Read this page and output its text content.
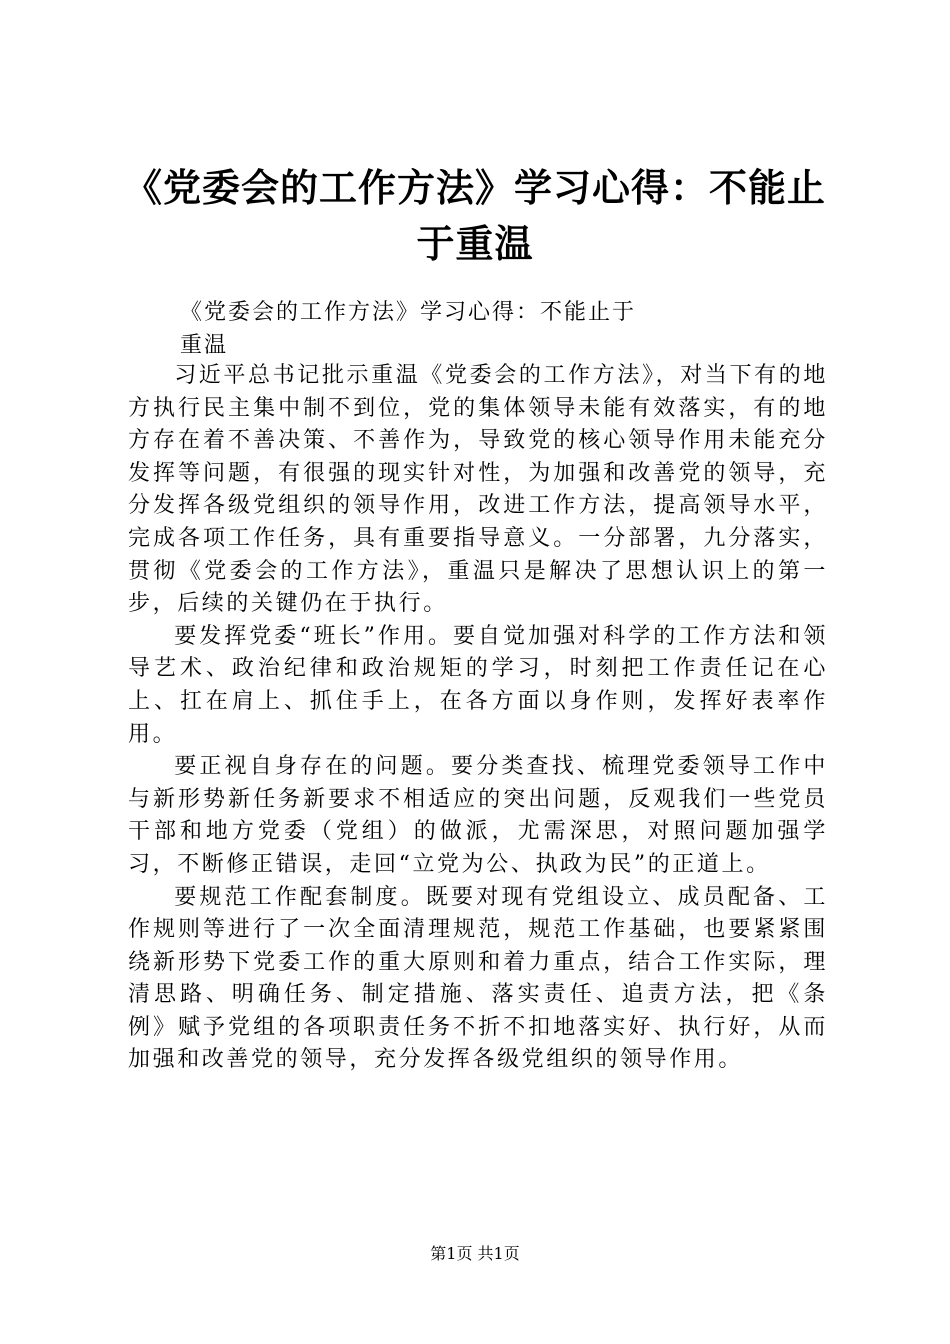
《党委会的工作方法》学习心得：不能止于重温

《党委会的工作方法》学习心得：不能止于重温

习近平总书记批示重温《党委会的工作方法》，对当下有的地方执行民主集中制不到位，党的集体领导未能有效落实，有的地方存在着不善决策、不善作为，导致党的核心领导作用未能充分发挥等问题，有很强的现实针对性，为加强和改善党的领导，充分发挥各级党组织的领导作用，改进工作方法，提高领导水平，完成各项工作任务，具有重要指导意义。一分部署，九分落实，贯彻《党委会的工作方法》，重温只是解决了思想认识上的第一步，后续的关键仍在于执行。

要发挥党委“班长”作用。要自觉加强对科学的工作方法和领导艺术、政治纪律和政治规矩的学习，时刻把工作责任记在心上、扛在肩上、抓住手上，在各方面以身作则，发挥好表率作用。

要正视自身存在的问题。要分类查找、梳理党委领导工作中与新形势新任务新要求不相适应的突出问题，反观我们一些党员干部和地方党委（党组）的做派，尤需深思，对照问题加强学习，不断修正错误，走回“立党为公、执政为民”的正道上。

要规范工作配套制度。既要对现有党组设立、成员配备、工作规则等进行了一次全面清理规范，规范工作基础，也要紧紧围绕新形势下党委工作的重大原则和着力重点，结合工作实际，理清思路、明确任务、制定措施、落实责任、追责方法，把《条例》赋予党组的各项职责任务不折不扣地落实好、执行好，从而加强和改善党的领导，充分发挥各级党组织的领导作用。

第1页 共1页
